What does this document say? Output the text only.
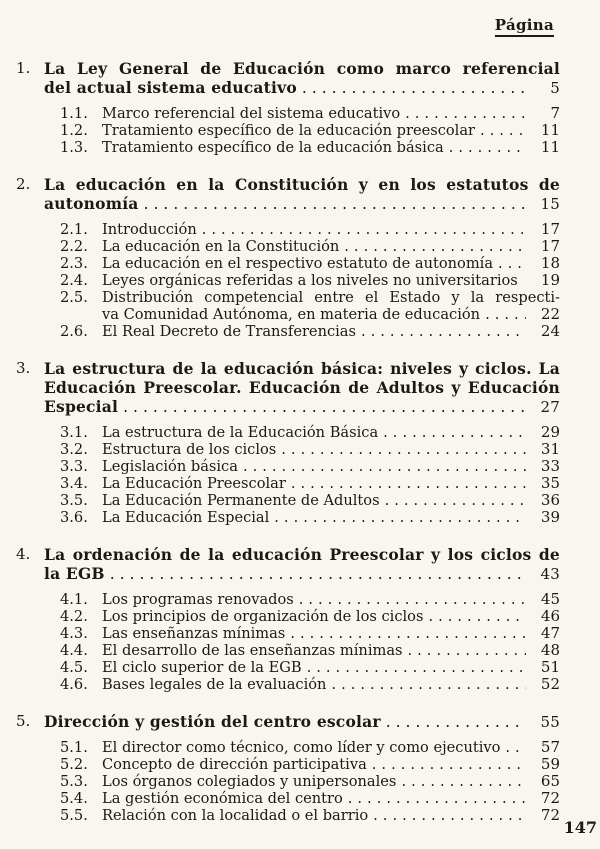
Página
1. La Ley General de Educación como marco referencial
del actual sistema educativo .....	5
1.1. Marco referencial del sistema educativo .....	7
1.2. Tratamiento específico de la educación preescolar .....	11
1.3. Tratamiento específico de la educación básica .....	11
2. La educación en la Constitución y en los estatutos de
autonomía .....	15
2.1. Introducción .....	17
2.2. La educación en la Constitución .....	17
2.3. La educación en el respectivo estatuto de autonomía .....	18
2.4. Leyes orgánicas referidas a los niveles no universitarios	19
2.5. Distribución competencial entre el Estado y la respecti-
va Comunidad Autónoma, en materia de educación .....	22
2.6. El Real Decreto de Transferencias .....	24
3. La estructura de la educación básica: niveles y ciclos. La
Educación Preescolar. Educación de Adultos y Educación
Especial .....	27
3.1. La estructura de la Educación Básica .....	29
3.2. Estructura de los ciclos .....	31
3.3. Legislación básica .....	33
3.4. La Educación Preescolar .....	35
3.5. La Educación Permanente de Adultos .....	36
3.6. La Educación Especial .....	39
4. La ordenación de la educación Preescolar y los ciclos de
la EGB .....	43
4.1. Los programas renovados .....	45
4.2. Los principios de organización de los ciclos .....	46
4.3. Las enseñanzas mínimas .....	47
4.4. El desarrollo de las enseñanzas mínimas .....	48
4.5. El ciclo superior de la EGB .....	51
4.6. Bases legales de la evaluación .....	52
5. Dirección y gestión del centro escolar .....	55
5.1. El director como técnico, como líder y como ejecutivo .....	57
5.2. Concepto de dirección participativa .....	59
5.3. Los órganos colegiados y unipersonales .....	65
5.4. La gestión económica del centro .....	72
5.5. Relación con la localidad o el barrio .....	72
147
